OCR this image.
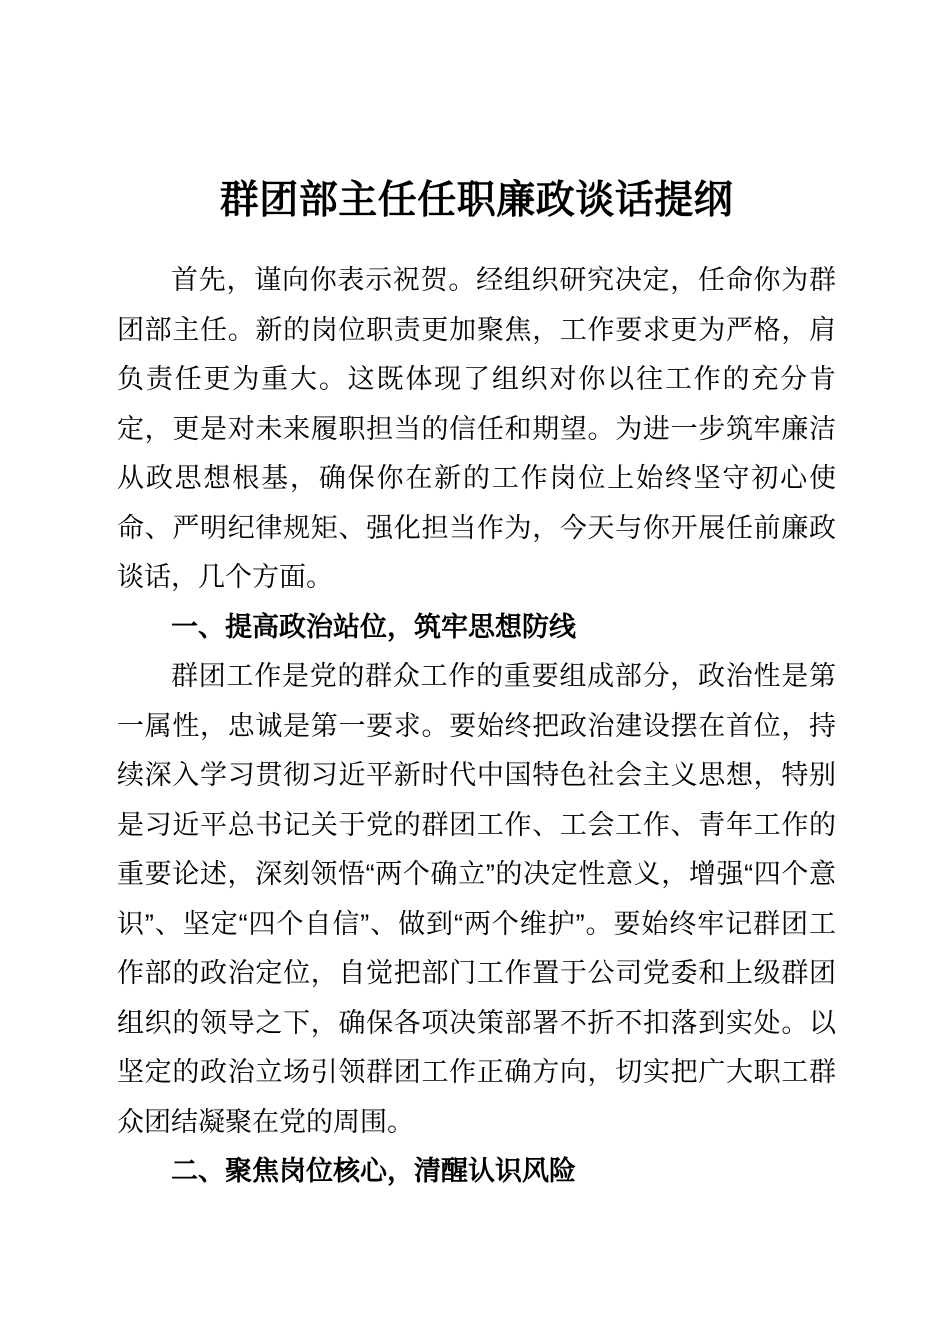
群团部主任任职廉政谈话提纲

首先，谨向你表示祝贺。经组织研究决定，任命你为群团部主任。新的岗位职责更加聚焦，工作要求更为严格，肩负责任更为重大。这既体现了组织对你以往工作的充分肯定，更是对未来履职担当的信任和期望。为进一步筑牢廉洁从政思想根基，确保你在新的工作岗位上始终坚守初心使命、严明纪律规矩、强化担当作为，今天与你开展任前廉政谈话，几个方面。

一、提高政治站位，筑牢思想防线

群团工作是党的群众工作的重要组成部分，政治性是第一属性，忠诚是第一要求。要始终把政治建设摆在首位，持续深入学习贯彻习近平新时代中国特色社会主义思想，特别是习近平总书记关于党的群团工作、工会工作、青年工作的重要论述，深刻领悟“两个确立”的决定性意义，增强“四个意识”、坚定“四个自信”、做到“两个维护”。要始终牢记群团工作部的政治定位，自觉把部门工作置于公司党委和上级群团组织的领导之下，确保各项决策部署不折不扣落到实处。以坚定的政治立场引领群团工作正确方向，切实把广大职工群众团结凝聚在党的周围。

二、聚焦岗位核心，清醒认识风险
